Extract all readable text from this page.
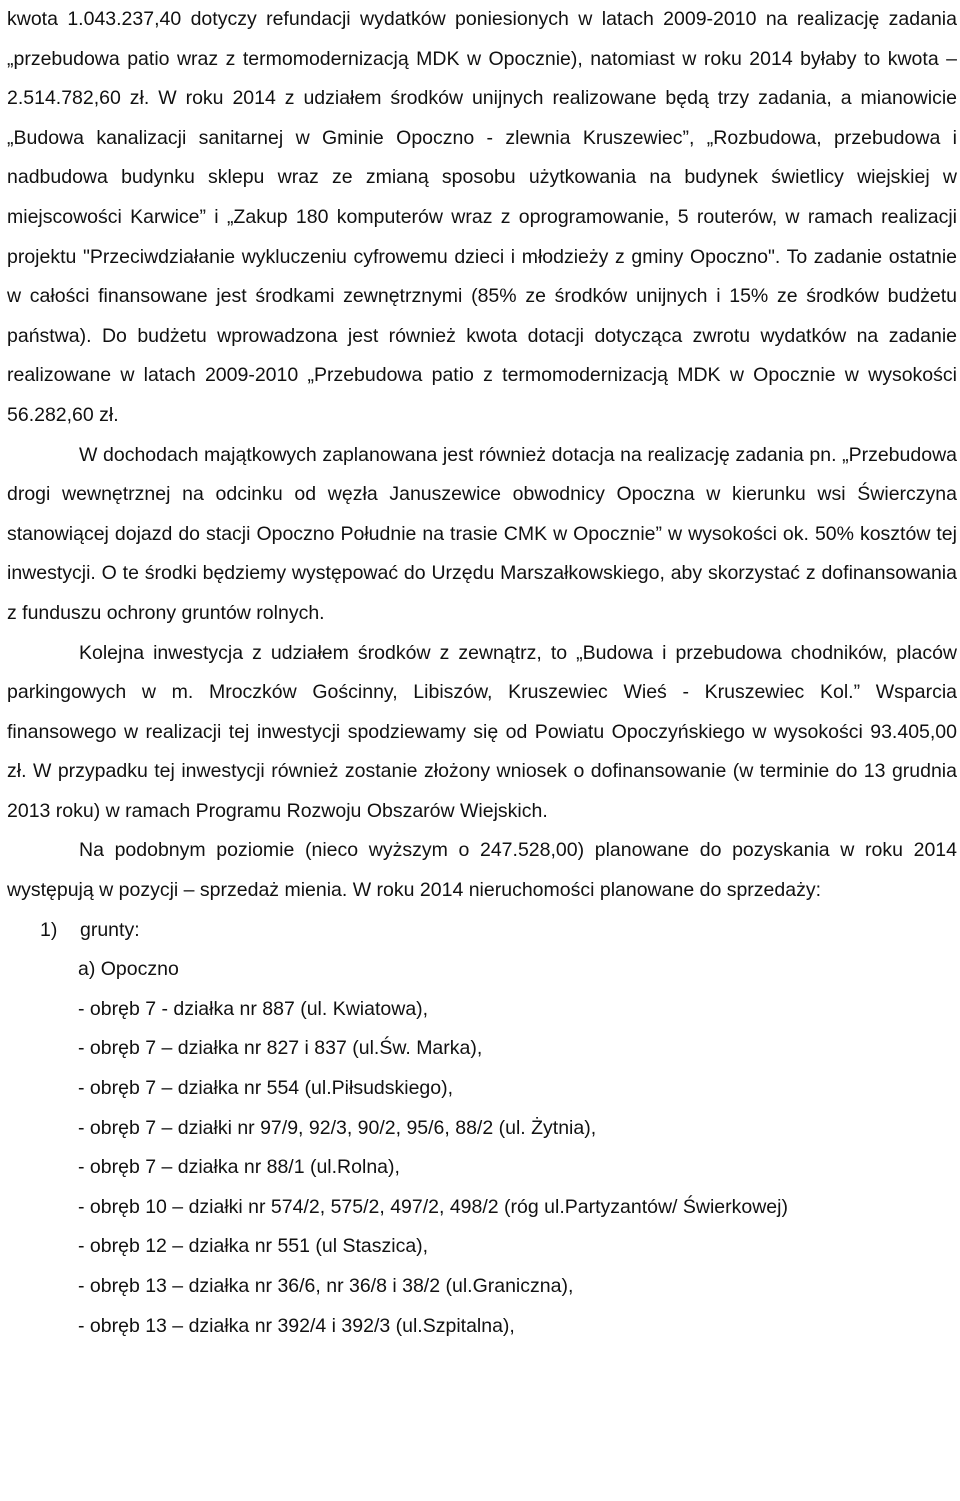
kwota 1.043.237,40 dotyczy refundacji wydatków poniesionych w latach 2009-2010 na realizację zadania „przebudowa patio wraz z termomodernizacją MDK w Opocznie), natomiast w roku 2014 byłaby to kwota – 2.514.782,60 zł. W roku 2014 z udziałem środków unijnych realizowane będą trzy zadania, a mianowicie „Budowa kanalizacji sanitarnej w Gminie Opoczno - zlewnia Kruszewiec”, „Rozbudowa, przebudowa i nadbudowa budynku sklepu wraz ze zmianą sposobu użytkowania na budynek świetlicy wiejskiej w miejscowości Karwice” i „Zakup 180 komputerów wraz z oprogramowanie, 5 routerów, w ramach realizacji projektu "Przeciwdziałanie wykluczeniu cyfrowemu dzieci i młodzieży z gminy Opoczno". To zadanie ostatnie w całości finansowane jest środkami zewnętrznymi (85% ze środków unijnych i 15% ze środków budżetu państwa). Do budżetu wprowadzona jest również kwota dotacji dotycząca zwrotu wydatków na zadanie realizowane w latach 2009-2010 „Przebudowa patio z termomodernizacją MDK w Opocznie w wysokości 56.282,60 zł.

W dochodach majątkowych zaplanowana jest również dotacja na realizację zadania pn. „Przebudowa drogi wewnętrznej na odcinku od węzła Januszewice obwodnicy Opoczna w kierunku wsi Świerczyna stanowiącej dojazd do stacji Opoczno Południe na trasie CMK w Opocznie” w wysokości ok. 50% kosztów tej inwestycji. O te środki będziemy występować do Urzędu Marszałkowskiego, aby skorzystać z dofinansowania z funduszu ochrony gruntów rolnych.

Kolejna inwestycja z udziałem środków z zewnątrz, to „Budowa i przebudowa chodników, placów parkingowych w m. Mroczków Gościnny, Libiszów, Kruszewiec Wieś - Kruszewiec Kol.” Wsparcia finansowego w realizacji tej inwestycji spodziewamy się od Powiatu Opoczyńskiego w wysokości 93.405,00 zł. W przypadku tej inwestycji również zostanie złożony wniosek o dofinansowanie (w terminie do 13 grudnia 2013 roku) w ramach Programu Rozwoju Obszarów Wiejskich.

Na podobnym poziomie (nieco wyższym o 247.528,00) planowane do pozyskania w roku 2014 występują w pozycji – sprzedaż mienia. W roku 2014 nieruchomości planowane do sprzedaży:

1) grunty:
a) Opoczno
- obręb 7 - działka nr 887 (ul. Kwiatowa),
- obręb 7 – działka nr 827 i 837 (ul.Św. Marka),
- obręb 7 – działka nr 554 (ul.Piłsudskiego),
- obręb 7 – działki nr 97/9, 92/3, 90/2, 95/6, 88/2 (ul. Żytnia),
- obręb 7 – działka nr 88/1 (ul.Rolna),
- obręb 10 – działki nr 574/2, 575/2, 497/2, 498/2 (róg ul.Partyzantów/ Świerkowej)
- obręb 12 – działka nr 551 (ul Staszica),
- obręb 13 – działka nr 36/6, nr 36/8 i 38/2 (ul.Graniczna),
- obręb 13 – działka nr 392/4 i 392/3 (ul.Szpitalna),
